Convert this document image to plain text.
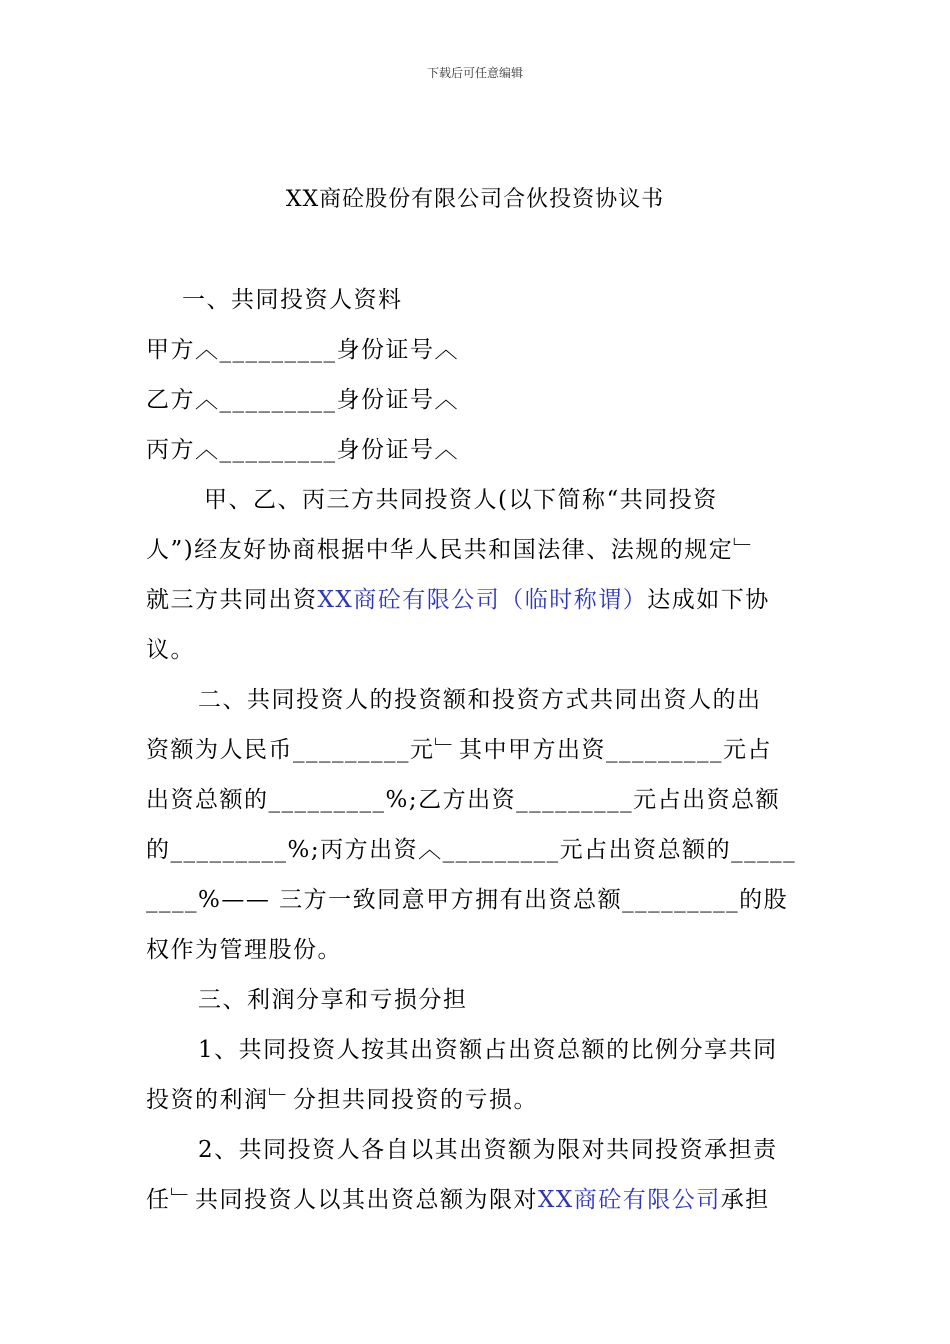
下载后可任意编辑
XX商砼股份有限公司合伙投资协议书
一、共同投资人资料
甲方︿_________身份证号︿
乙方︿_________身份证号︿
丙方︿_________身份证号︿
甲、乙、丙三方共同投资人(以下简称“共同投资
人”)经友好协商根据中华人民共和国法律、法规的规定﹂
就三方共同出资XX商砼有限公司（临时称谓）达成如下协
议。
二、共同投资人的投资额和投资方式共同出资人的出
资额为人民币_________元﹂其中甲方出资_________元占
出资总额的_________%;乙方出资_________元占出资总额
的_________%;丙方出资︿_________元占出资总额的_____
____%—— 三方一致同意甲方拥有出资总额_________的股
权作为管理股份。
三、利润分享和亏损分担
1、共同投资人按其出资额占出资总额的比例分享共同
投资的利润﹂分担共同投资的亏损。
2、共同投资人各自以其出资额为限对共同投资承担责
任﹂共同投资人以其出资总额为限对XX商砼有限公司承担
